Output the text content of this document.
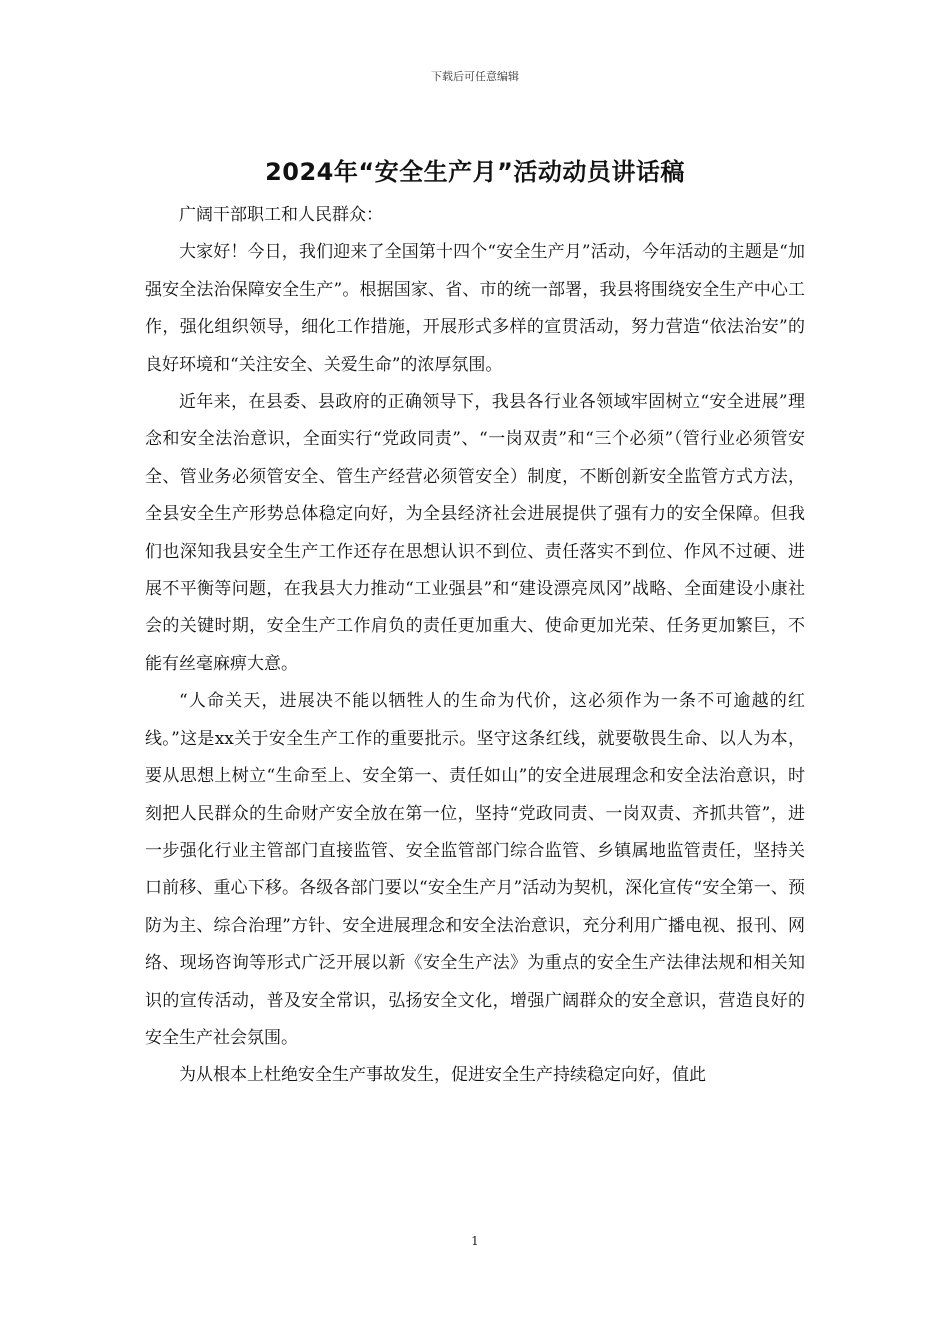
下载后可任意编辑
2024年“安全生产月”活动动员讲话稿

广阔干部职工和人民群众：

大家好！今日，我们迎来了全国第十四个“安全生产月”活动，今年活动的主题是“加强安全法治保障安全生产”。根据国家、省、市的统一部署，我县将围绕安全生产中心工作，强化组织领导，细化工作措施，开展形式多样的宣贯活动，努力营造“依法治安”的良好环境和“关注安全、关爱生命”的浓厚氛围。

近年来，在县委、县政府的正确领导下，我县各行业各领域牢固树立“安全进展”理念和安全法治意识，全面实行“党政同责”、“一岗双责”和“三个必须”（管行业必须管安全、管业务必须管安全、管生产经营必须管安全）制度，不断创新安全监管方式方法，全县安全生产形势总体稳定向好，为全县经济社会进展提供了强有力的安全保障。但我们也深知我县安全生产工作还存在思想认识不到位、责任落实不到位、作风不过硬、进展不平衡等问题，在我县大力推动“工业强县”和“建设漂亮凤冈”战略、全面建设小康社会的关键时期，安全生产工作肩负的责任更加重大、使命更加光荣、任务更加繁巨，不能有丝毫麻痹大意。

“人命关天，进展决不能以牺牲人的生命为代价，这必须作为一条不可逾越的红线。”这是xx关于安全生产工作的重要批示。坚守这条红线，就要敬畏生命、以人为本，要从思想上树立“生命至上、安全第一、责任如山”的安全进展理念和安全法治意识，时刻把人民群众的生命财产安全放在第一位，坚持“党政同责、一岗双责、齐抓共管”，进一步强化行业主管部门直接监管、安全监管部门综合监管、乡镇属地监管责任，坚持关口前移、重心下移。各级各部门要以“安全生产月”活动为契机，深化宣传“安全第一、预防为主、综合治理”方针、安全进展理念和安全法治意识，充分利用广播电视、报刊、网络、现场咨询等形式广泛开展以新《安全生产法》为重点的安全生产法律法规和相关知识的宣传活动，普及安全常识，弘扬安全文化，增强广阔群众的安全意识，营造良好的安全生产社会氛围。

为从根本上杜绝安全生产事故发生，促进安全生产持续稳定向好，值此

1
